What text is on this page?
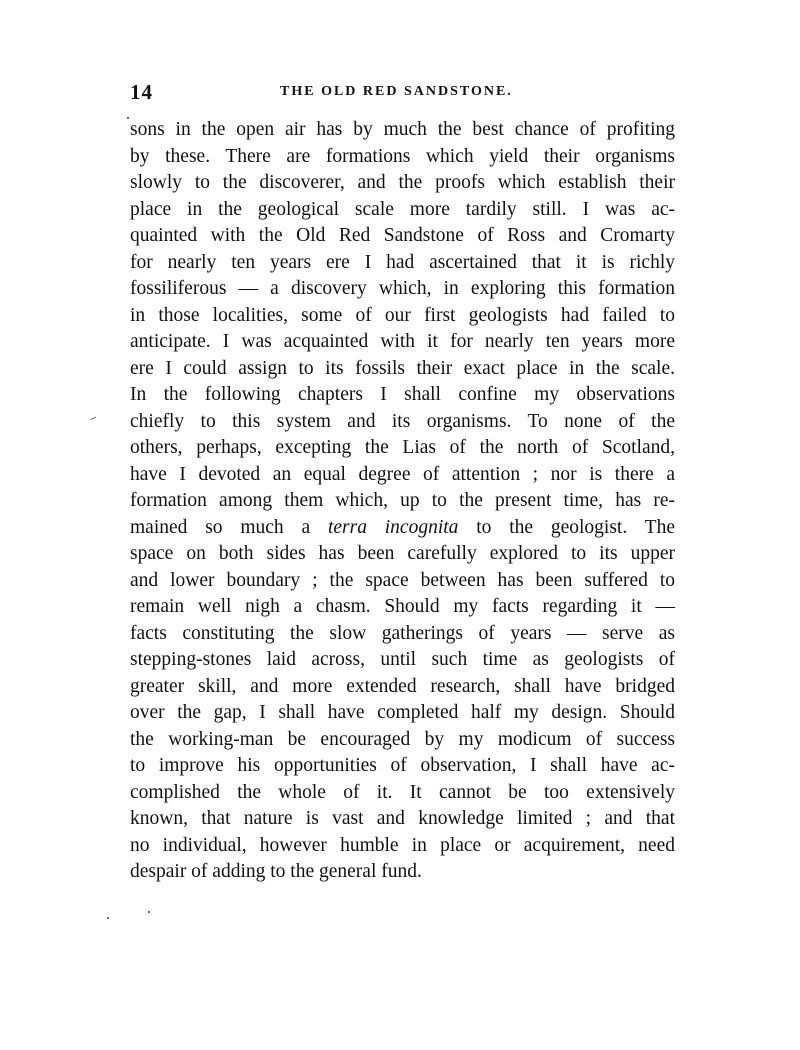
14	THE OLD RED SANDSTONE.
sons in the open air has by much the best chance of profiting
by these. There are formations which yield their organisms
slowly to the discoverer, and the proofs which establish their
place in the geological scale more tardily still. I was ac-
quainted with the Old Red Sandstone of Ross and Cromarty
for nearly ten years ere I had ascertained that it is richly
fossiliferous — a discovery which, in exploring this formation
in those localities, some of our first geologists had failed to
anticipate. I was acquainted with it for nearly ten years more
ere I could assign to its fossils their exact place in the scale.
In the following chapters I shall confine my observations
chiefly to this system and its organisms. To none of the
others, perhaps, excepting the Lias of the north of Scotland,
have I devoted an equal degree of attention ; nor is there a
formation among them which, up to the present time, has re-
mained so much a terra incognita to the geologist. The
space on both sides has been carefully explored to its upper
and lower boundary ; the space between has been suffered to
remain well nigh a chasm. Should my facts regarding it —
facts constituting the slow gatherings of years — serve as
stepping-stones laid across, until such time as geologists of
greater skill, and more extended research, shall have bridged
over the gap, I shall have completed half my design. Should
the working-man be encouraged by my modicum of success
to improve his opportunities of observation, I shall have ac-
complished the whole of it. It cannot be too extensively
known, that nature is vast and knowledge limited ; and that
no individual, however humble in place or acquirement, need
despair of adding to the general fund.
